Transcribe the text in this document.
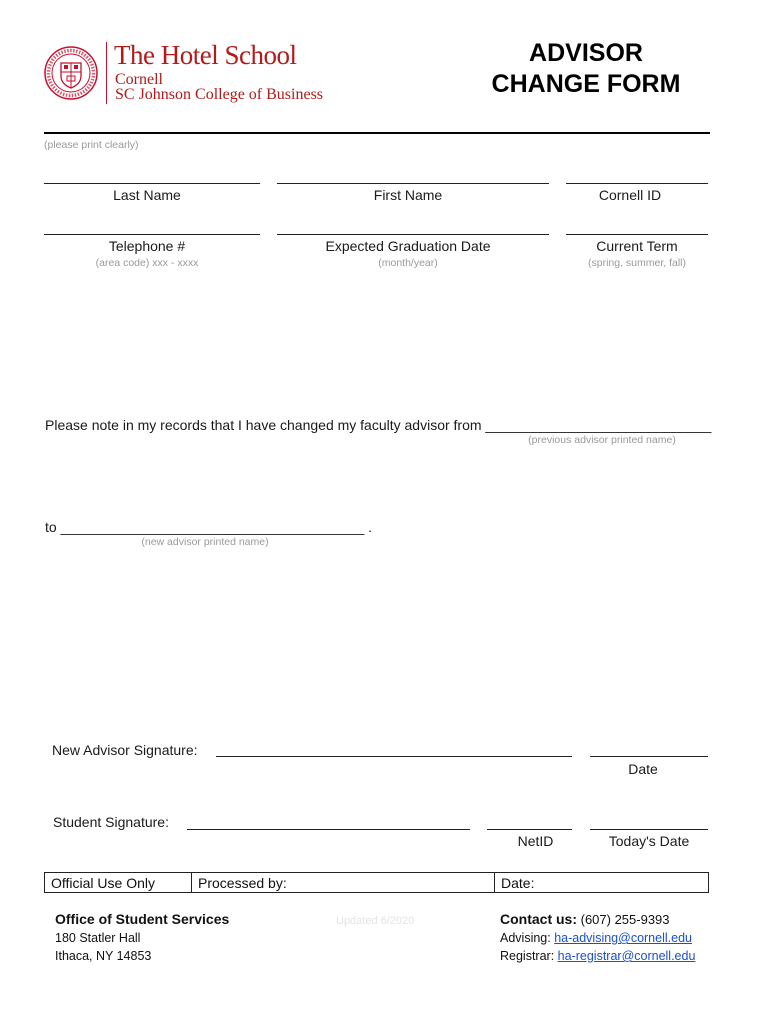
The Hotel School
Cornell
SC Johnson College of Business
ADVISOR
CHANGE FORM
(please print clearly)
Last Name	First Name	Cornell ID
Telephone #	Expected Graduation Date	Current Term
(area code) xxx - xxxx	(month/year)	(spring, summer, fall)
Please note in my records that I have changed my faculty advisor from _____________________________
(previous advisor printed name)
to _______________________________________ .
(new advisor printed name)
New Advisor Signature:
Date
Student Signature:
NetID	Today's Date
Official Use Only	Processed by:	Date:
Office of Student Services
180 Statler Hall
Ithaca, NY 14853
Updated 6/2020	Contact us: (607) 255-9393
Advising: ha-advising@cornell.edu
Registrar: ha-registrar@cornell.edu
